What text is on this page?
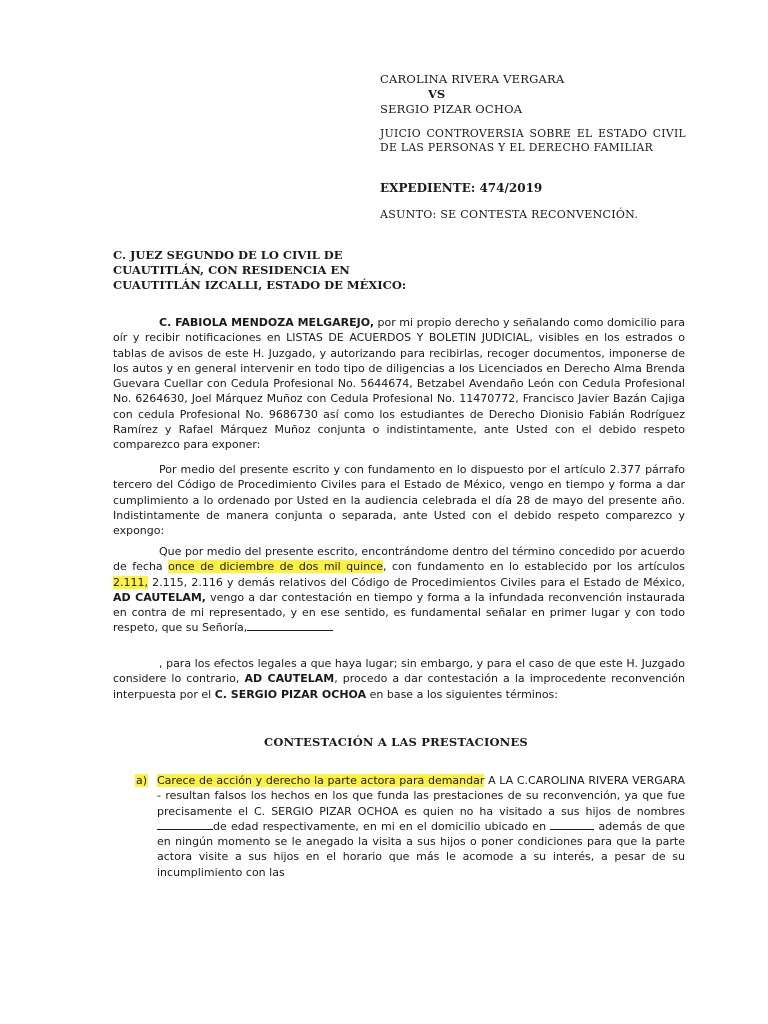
CAROLINA RIVERA VERGARA
VS
SERGIO PIZAR OCHOA
JUICIO CONTROVERSIA SOBRE EL ESTADO CIVIL DE LAS PERSONAS Y EL DERECHO FAMILIAR
EXPEDIENTE: 474/2019
ASUNTO: SE CONTESTA RECONVENCIÓN.
C. JUEZ SEGUNDO DE LO CIVIL DE
CUAUTITLÁN, CON RESIDENCIA EN
CUAUTITLÁN IZCALLI, ESTADO DE MÉXICO:
C. FABIOLA MENDOZA MELGAREJO, por mi propio derecho y señalando como domicilio para oír y recibir notificaciones en LISTAS DE ACUERDOS Y BOLETIN JUDICIAL, visibles en los estrados o tablas de avisos de este H. Juzgado, y autorizando para recibirlas, recoger documentos, imponerse de los autos y en general intervenir en todo tipo de diligencias a los Licenciados en Derecho Alma Brenda Guevara Cuellar con Cedula Profesional No. 5644674, Betzabel Avendaño León con Cedula Profesional No. 6264630, Joel Márquez Muñoz con Cedula Profesional No. 11470772, Francisco Javier Bazán Cajiga con cedula Profesional No. 9686730 así como los estudiantes de Derecho Dionisio Fabián Rodríguez Ramírez y Rafael Márquez Muñoz conjunta o indistintamente, ante Usted con el debido respeto comparezco para exponer:
Por medio del presente escrito y con fundamento en lo dispuesto por el artículo 2.377 párrafo tercero del Código de Procedimiento Civiles para el Estado de México, vengo en tiempo y forma a dar cumplimiento a lo ordenado por Usted en la audiencia celebrada el día 28 de mayo del presente año. Indistintamente de manera conjunta o separada, ante Usted con el debido respeto comparezco y expongo:
Que por medio del presente escrito, encontrándome dentro del término concedido por acuerdo de fecha once de diciembre de dos mil quince, con fundamento en lo establecido por los artículos 2.111, 2.115, 2.116 y demás relativos del Código de Procedimientos Civiles para el Estado de México, AD CAUTELAM, vengo a dar contestación en tiempo y forma a la infundada reconvención instaurada en contra de mi representado, y en ese sentido, es fundamental señalar en primer lugar y con todo respeto, que su Señoría,
, para los efectos legales a que haya lugar; sin embargo, y para el caso de que este H. Juzgado considere lo contrario, AD CAUTELAM, procedo a dar contestación a la improcedente reconvención interpuesta por el C. SERGIO PIZAR OCHOA en base a los siguientes términos:
CONTESTACIÓN A LAS PRESTACIONES
a) Carece de acción y derecho la parte actora para demandar A LA C.CAROLINA RIVERA VERGARA - resultan falsos los hechos en los que funda las prestaciones de su reconvención, ya que fue precisamente el C. SERGIO PIZAR OCHOA es quien no ha visitado a sus hijos de nombres de edad respectivamente, en mi en el domicilio ubicado en	además de que en ningún momento se le anegado la visita a sus hijos o poner condiciones para que la parte actora visite a sus hijos en el horario que más le acomode a su interés, a pesar de su incumplimiento con las
